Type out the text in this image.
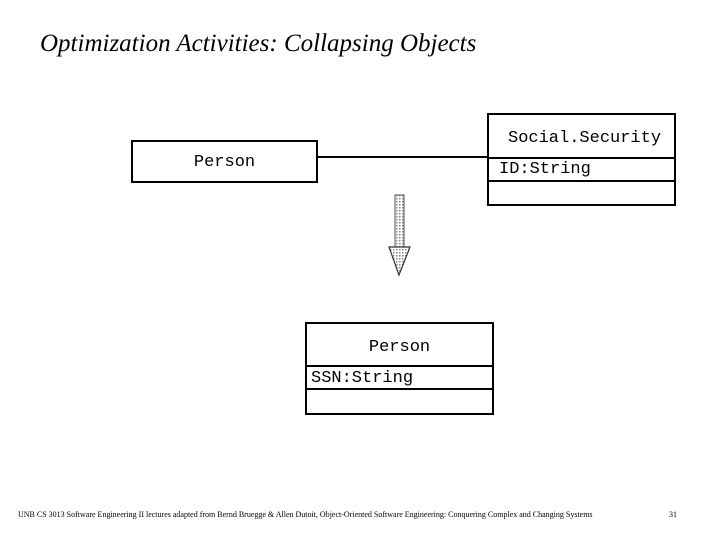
Optimization Activities: Collapsing Objects
Person
Social.Security
ID:String
Person
SSN:String
UNB CS 3013 Software Engineering II lectures adapted from Bernd Bruegge & Allen Dutoit, Object-Oriented Software Engineering: Conquering Complex and Changing Systems	31
